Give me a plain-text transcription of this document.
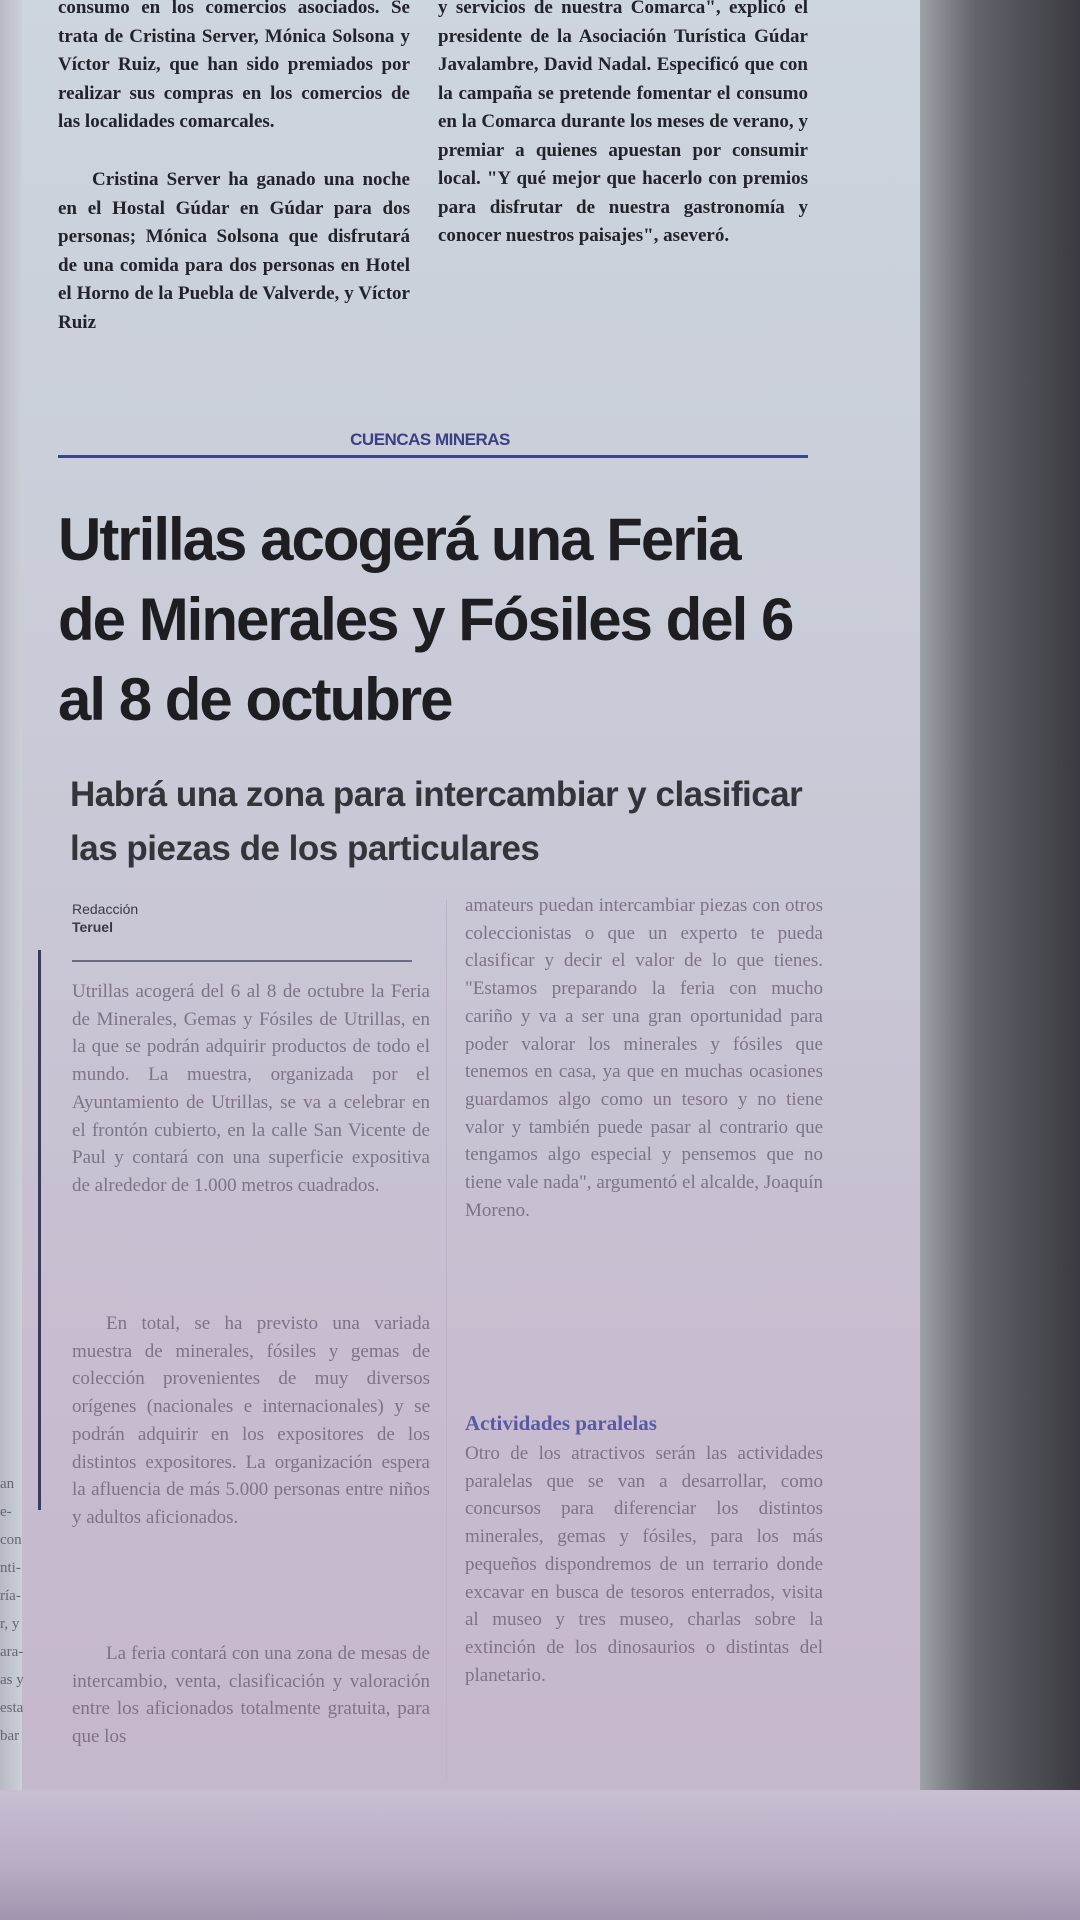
consumo en los comercios asociados. Se trata de Cristina Server, Mónica Solsona y Víctor Ruiz, que han sido premiados por realizar sus compras en los comercios de las localidades comarcales.

Cristina Server ha ganado una noche en el Hostal Gúdar en Gúdar para dos personas; Mónica Solsona que disfrutará de una comida para dos personas en Hotel el Horno de la Puebla de Valverde, y Víctor Ruiz

y servicios de nuestra Comarca", explicó el presidente de la Asociación Turística Gúdar Javalambre, David Nadal. Especificó que con la campaña se pretende fomentar el consumo en la Comarca durante los meses de verano, y premiar a quienes apuestan por consumir local. "Y qué mejor que hacerlo con premios para disfrutar de nuestra gastronomía y conocer nuestros paisajes", aseveró.

CUENCAS MINERAS

Utrillas acogerá una Feria de Minerales y Fósiles del 6 al 8 de octubre
Habrá una zona para intercambiar y clasificar las piezas de los particulares
Redacción
Teruel

Utrillas acogerá del 6 al 8 de octubre la Feria de Minerales, Gemas y Fósiles de Utrillas, en la que se podrán adquirir productos de todo el mundo. La muestra, organizada por el Ayuntamiento de Utrillas, se va a celebrar en el frontón cubierto, en la calle San Vicente de Paul y contará con una superficie expositiva de alrededor de 1.000 metros cuadrados.

En total, se ha previsto una variada muestra de minerales, fósiles y gemas de colección provenientes de muy diversos orígenes (nacionales e internacionales) y se podrán adquirir en los expositores de los distintos expositores. La organización espera la afluencia de más 5.000 personas entre niños y adultos aficionados.

La feria contará con una zona de mesas de intercambio, venta, clasificación y valoración entre los aficionados totalmente gratuita, para que los

amateurs puedan intercambiar piezas con otros coleccionistas o que un experto te pueda clasificar y decir el valor de lo que tienes. "Estamos preparando la feria con mucho cariño y va a ser una gran oportunidad para poder valorar los minerales y fósiles que tenemos en casa, ya que en muchas ocasiones guardamos algo como un tesoro y no tiene valor y también puede pasar al contrario que tengamos algo especial y pensemos que no tiene vale nada", argumentó el alcalde, Joaquín Moreno.

Actividades paralelas

Otro de los atractivos serán las actividades paralelas que se van a desarrollar, como concursos para diferenciar los distintos minerales, gemas y fósiles, para los más pequeños dispondremos de un terrario donde excavar en busca de tesoros enterrados, visita al museo y tres museo, charlas sobre la extinción de los dinosaurios o distintas del planetario.

an
e-
con
nti-
ría-
r, y
ara-
as y
esta
bar
